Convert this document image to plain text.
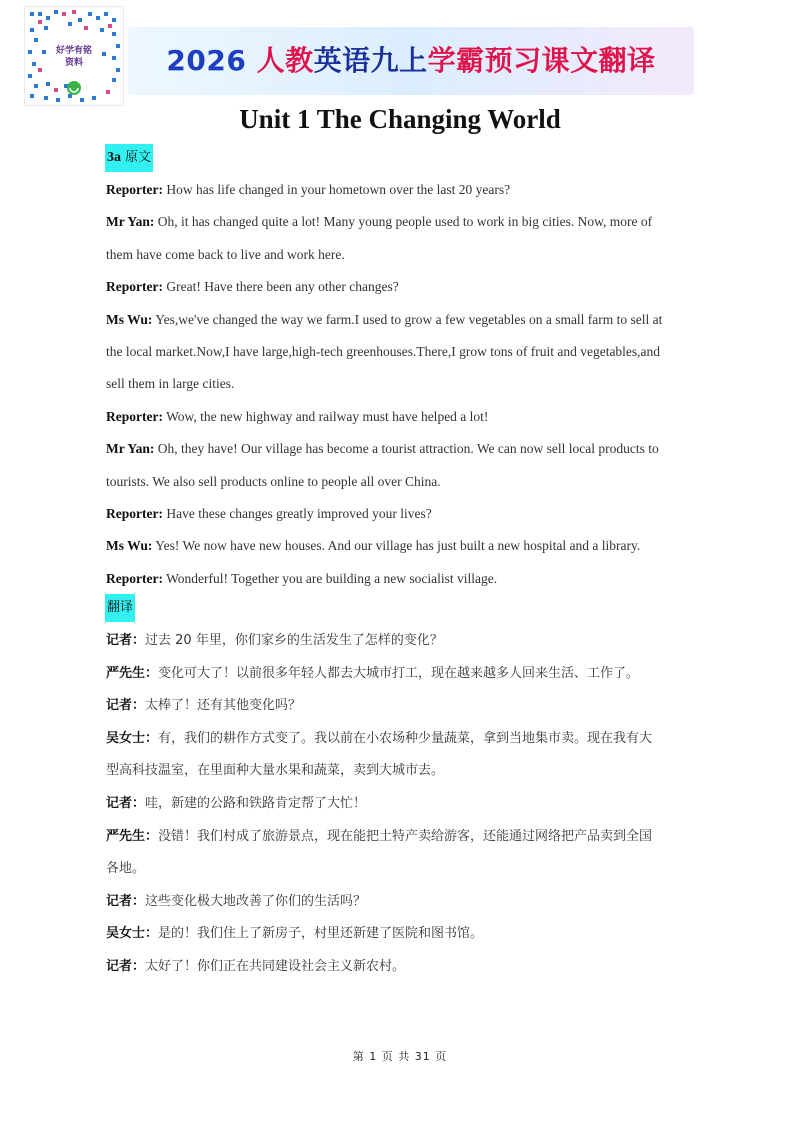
好学有铭
资料	2026 人教英语九上学霸预习课文翻译
Unit 1 The Changing World
3a 原文
Reporter: How has life changed in your hometown over the last 20 years?
Mr Yan: Oh, it has changed quite a lot! Many young people used to work in big cities. Now, more of
them have come back to live and work here.
Reporter: Great! Have there been any other changes?
Ms Wu: Yes,we've changed the way we farm.I used to grow a few vegetables on a small farm to sell at
the local market.Now,I have large,high-tech greenhouses.There,I grow tons of fruit and vegetables,and
sell them in large cities.
Reporter: Wow, the new highway and railway must have helped a lot!
Mr Yan: Oh, they have! Our village has become a tourist attraction. We can now sell local products to
tourists. We also sell products online to people all over China.
Reporter: Have these changes greatly improved your lives?
Ms Wu: Yes! We now have new houses. And our village has just built a new hospital and a library.
Reporter: Wonderful! Together you are building a new socialist village.
翻译
记者：过去 20 年里，你们家乡的生活发生了怎样的变化？
严先生：变化可大了！以前很多年轻人都去大城市打工，现在越来越多人回来生活、工作了。
记者：太棒了！还有其他变化吗？
吴女士：有，我们的耕作方式变了。我以前在小农场种少量蔬菜，拿到当地集市卖。现在我有大
型高科技温室，在里面种大量水果和蔬菜，卖到大城市去。
记者：哇，新建的公路和铁路肯定帮了大忙！
严先生：没错！我们村成了旅游景点，现在能把土特产卖给游客，还能通过网络把产品卖到全国
各地。
记者：这些变化极大地改善了你们的生活吗？
吴女士：是的！我们住上了新房子，村里还新建了医院和图书馆。
记者：太好了！你们正在共同建设社会主义新农村。
第 1 页 共 31 页
